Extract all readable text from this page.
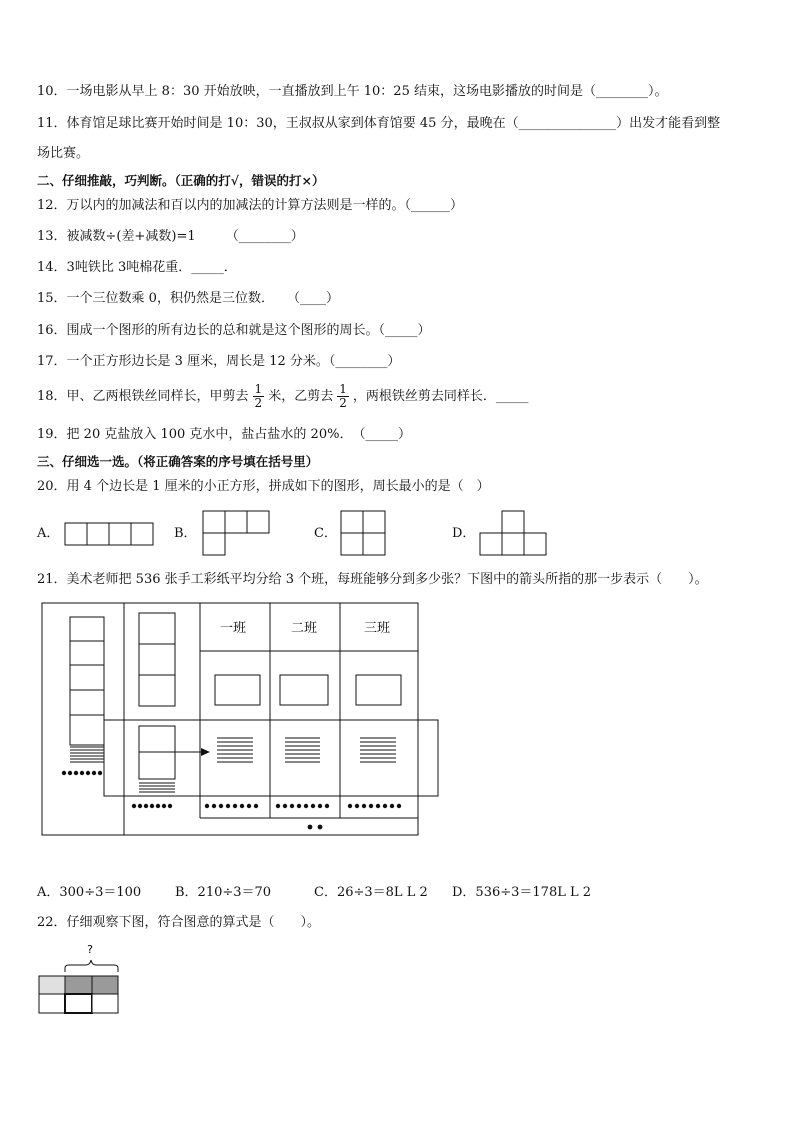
10．一场电影从早上 8：30 开始放映，一直播放到上午 10：25 结束，这场电影播放的时间是（________）。
11．体育馆足球比赛开始时间是 10：30，王叔叔从家到体育馆要 45 分，最晚在（_______________）出发才能看到整
场比赛。
二、仔细推敲，巧判断。（正确的打√，错误的打×）
12．万以内的加减法和百以内的加减法的计算方法则是一样的。（______）
13．被减数÷(差+减数)=1　　 （________）
14．3吨铁比 3吨棉花重．_____．
15．一个三位数乘 0，积仍然是三位数．　　（____）
16．围成一个图形的所有边长的总和就是这个图形的周长。（_____）
17．一个正方形边长是 3 厘米，周长是 12 分米。（________）
18．甲、乙两根铁丝同样长，甲剪去 $\frac{1}{2}$ 米，乙剪去 $\frac{1}{2}$ ，两根铁丝剪去同样长．_____
19．把 20 克盐放入 100 克水中，盐占盐水的 20%．　（_____）
三、仔细选一选。（将正确答案的序号填在括号里）
20．用 4 个边长是 1 厘米的小正方形，拼成如下的图形，周长最小的是（　）
A．	B．	C．	D．
21．美术老师把 536 张手工彩纸平均分给 3 个班，每班能够分到多少张？下图中的箭头所指的那一步表示（　　）。
一班	二班	三班
A．300÷3＝100	B．210÷3＝70	C．26÷3＝8L L 2 D．536÷3＝178L L 2
22．仔细观察下图，符合图意的算式是（　　）。
?
